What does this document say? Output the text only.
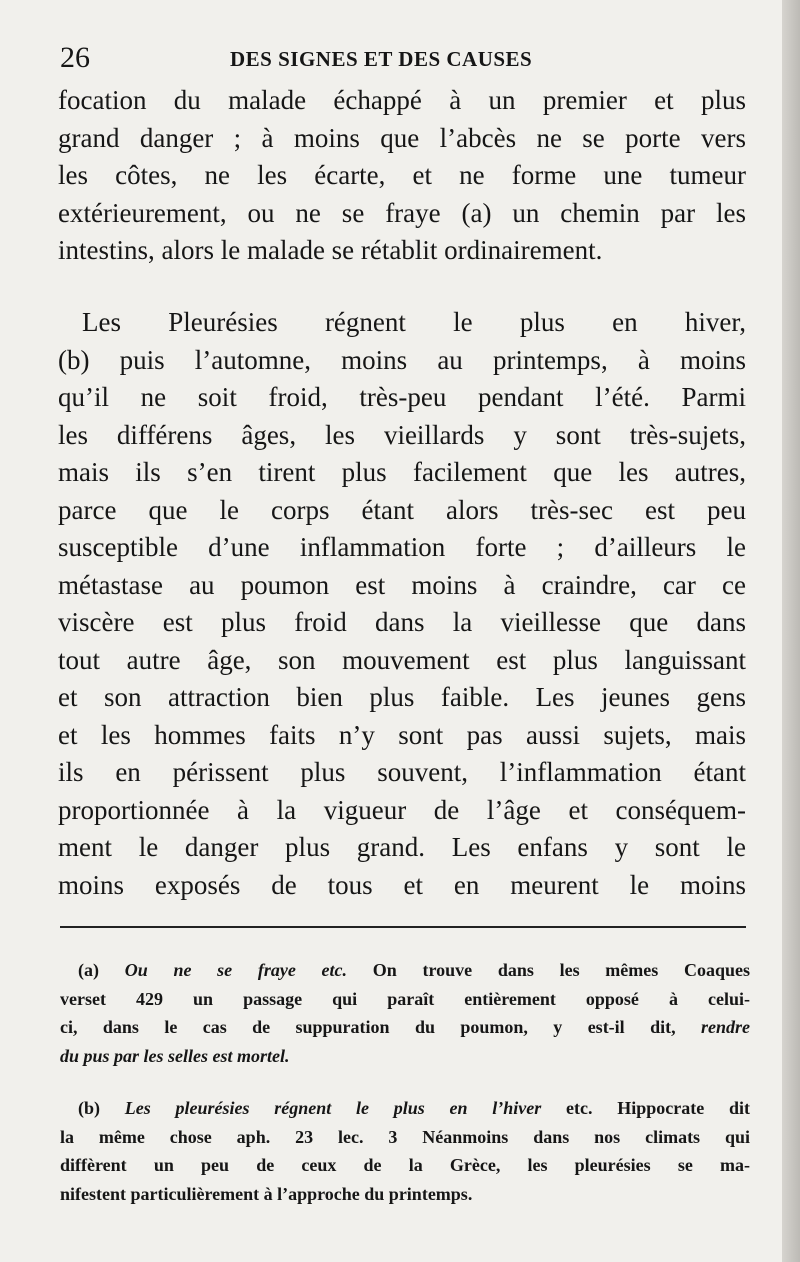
26	DES SIGNES ET DES CAUSES
focation du malade échappé à un premier et plus
grand danger ; à moins que l’abcès ne se porte vers
les côtes, ne les écarte, et ne forme une tumeur
extérieurement, ou ne se fraye (a) un chemin par les
intestins, alors le malade se rétablit ordinairement.
Les Pleurésies régnent le plus en hiver,
(b) puis l’automne, moins au printemps, à moins
qu’il ne soit froid, très-peu pendant l’été. Parmi
les différens âges, les vieillards y sont très-sujets,
mais ils s’en tirent plus facilement que les autres,
parce que le corps étant alors très-sec est peu
susceptible d’une inflammation forte ; d’ailleurs le
métastase au poumon est moins à craindre, car ce
viscère est plus froid dans la vieillesse que dans
tout autre âge, son mouvement est plus languissant
et son attraction bien plus faible. Les jeunes gens
et les hommes faits n’y sont pas aussi sujets, mais
ils en périssent plus souvent, l’inflammation étant
proportionnée à la vigueur de l’âge et conséquem-
ment le danger plus grand. Les enfans y sont le
moins exposés de tous et en meurent le moins
(a) Ou ne se fraye etc. On trouve dans les mêmes Coaques
verset 429 un passage qui paraît entièrement opposé à celui-
ci, dans le cas de suppuration du poumon, y est-il dit, rendre
du pus par les selles est mortel.
(b) Les pleurésies régnent le plus en l’hiver etc. Hippocrate dit
la même chose aph. 23 lec. 3 Néanmoins dans nos climats qui
diffèrent un peu de ceux de la Grèce, les pleurésies se ma-
nifestent particulièrement à l’approche du printemps.
